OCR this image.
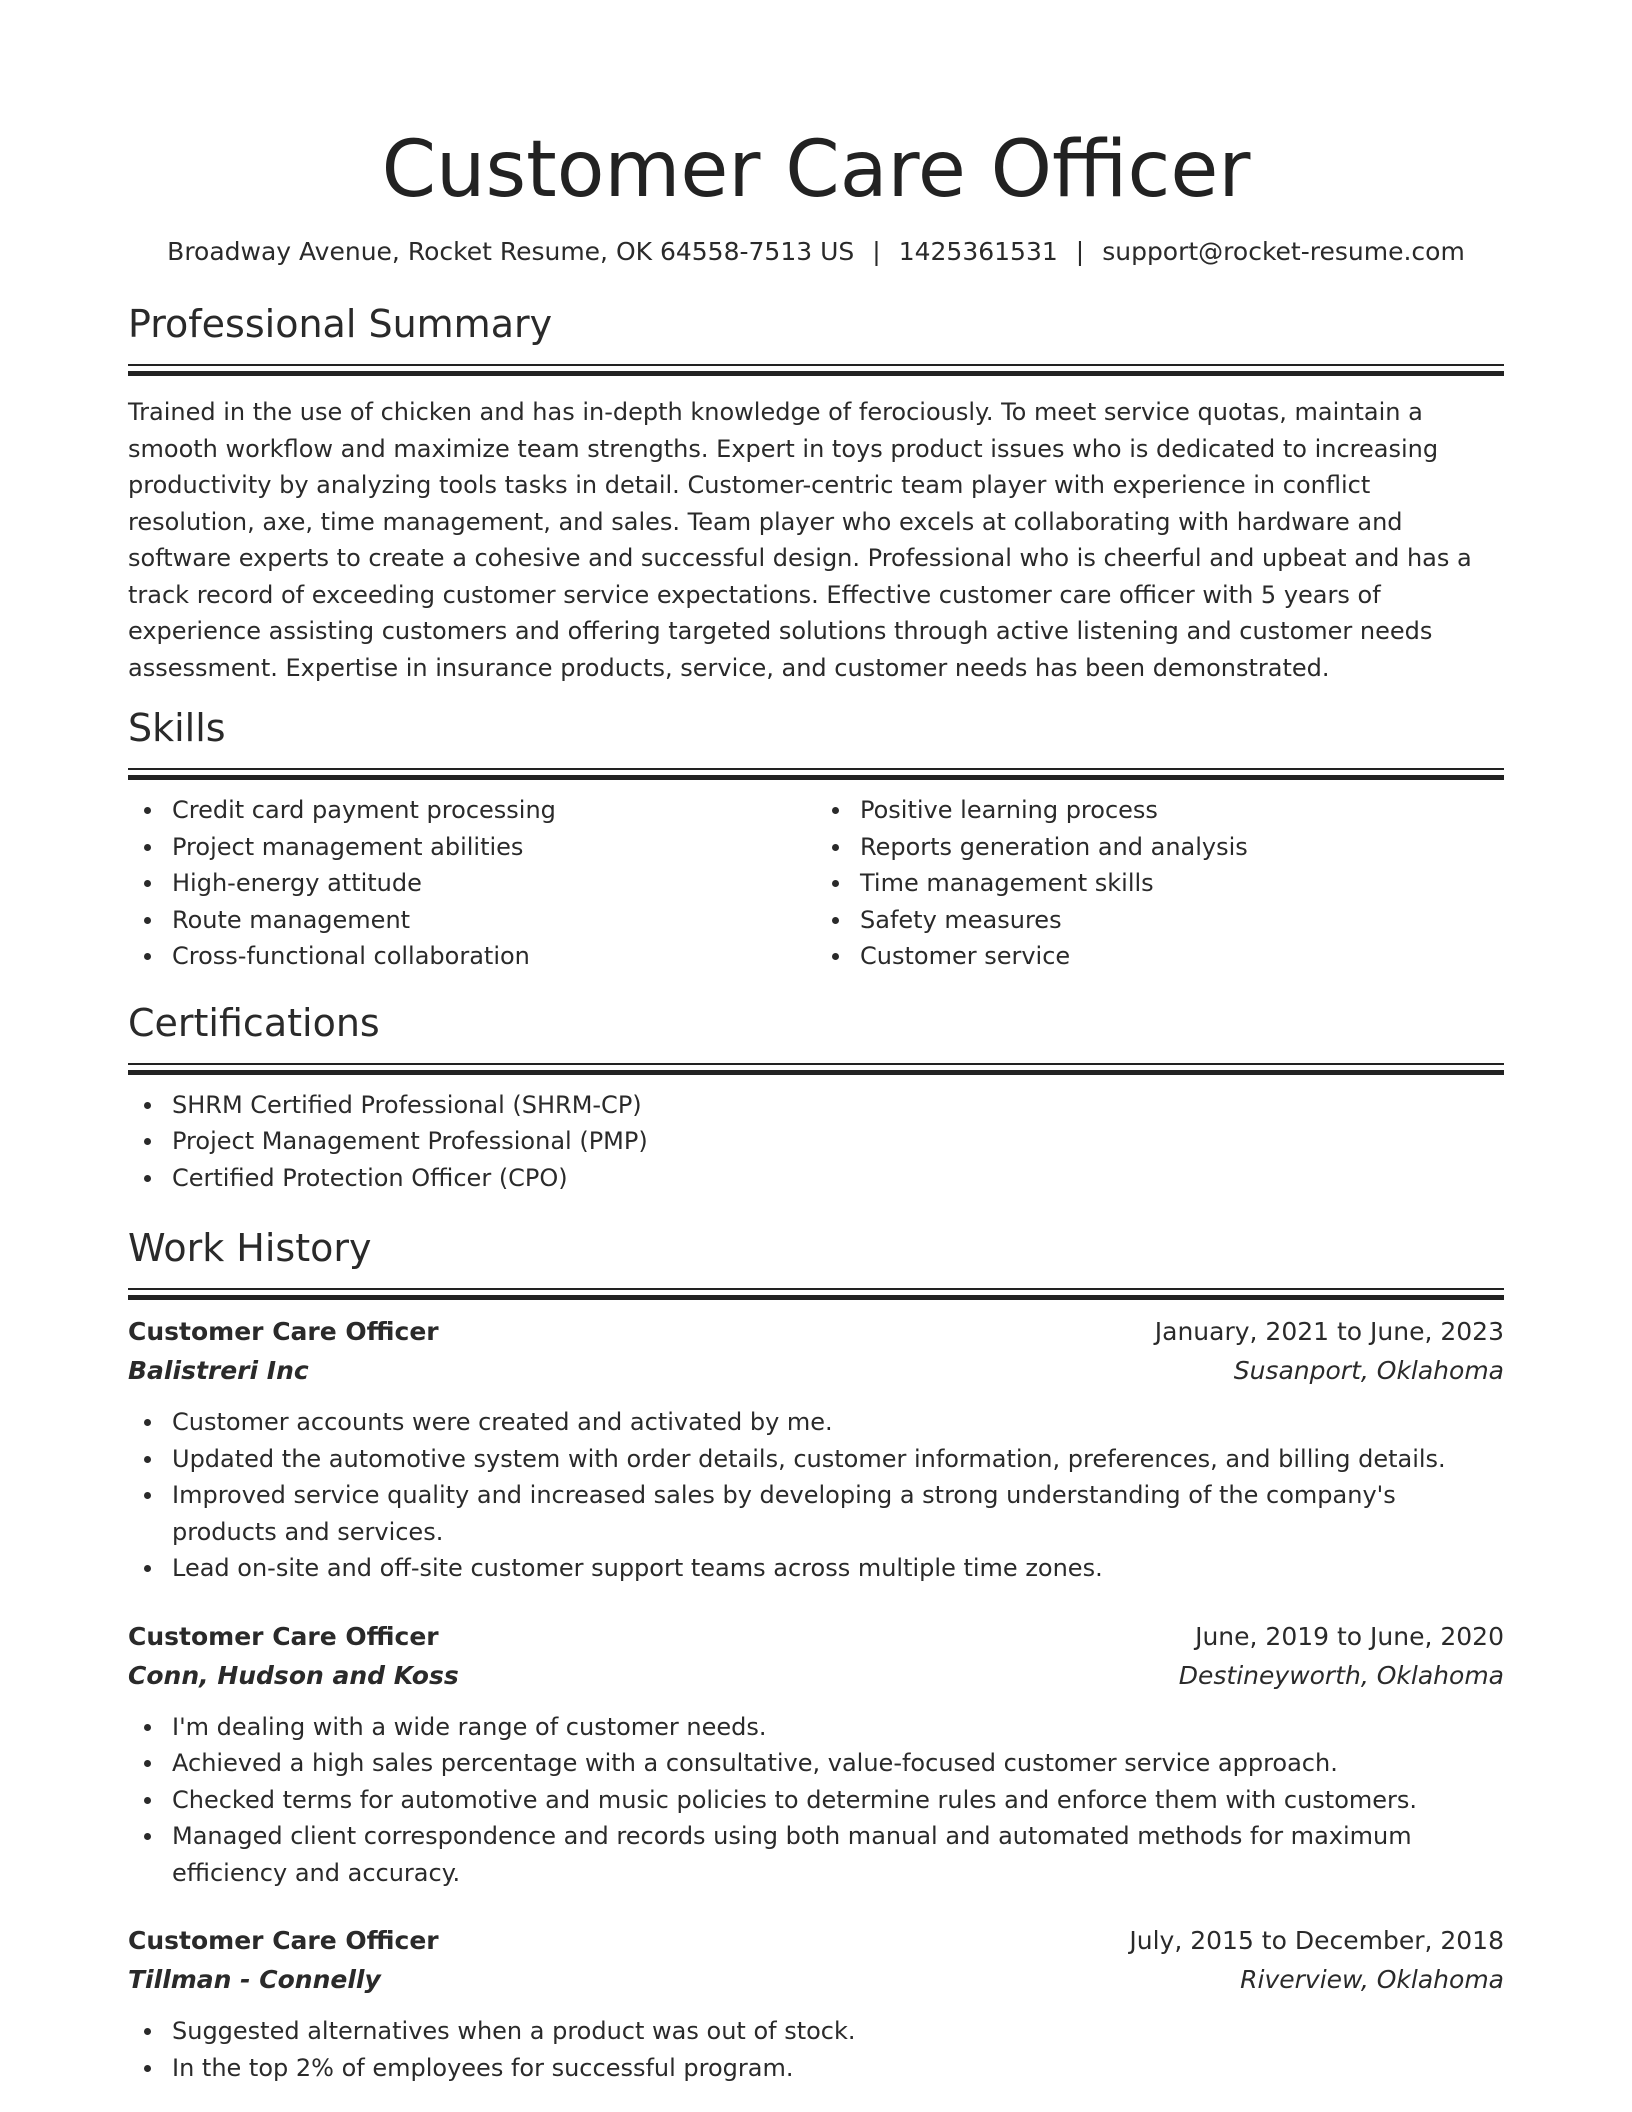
Customer Care Officer
Broadway Avenue, Rocket Resume, OK 64558-7513 US | 1425361531 | support@rocket-resume.com
Professional Summary

Trained in the use of chicken and has in-depth knowledge of ferociously. To meet service quotas, maintain a smooth workflow and maximize team strengths. Expert in toys product issues who is dedicated to increasing productivity by analyzing tools tasks in detail. Customer-centric team player with experience in conflict resolution, axe, time management, and sales. Team player who excels at collaborating with hardware and software experts to create a cohesive and successful design. Professional who is cheerful and upbeat and has a track record of exceeding customer service expectations. Effective customer care officer with 5 years of experience assisting customers and offering targeted solutions through active listening and customer needs assessment. Expertise in insurance products, service, and customer needs has been demonstrated.

Skills
Credit card payment processing
Project management abilities
High-energy attitude
Route management
Cross-functional collaboration
Positive learning process
Reports generation and analysis
Time management skills
Safety measures
Customer service
Certifications
SHRM Certified Professional (SHRM-CP)
Project Management Professional (PMP)
Certified Protection Officer (CPO)
Work History
Customer Care Officer	January, 2021 to June, 2023
Balistreri Inc	Susanport, Oklahoma
Customer accounts were created and activated by me.
Updated the automotive system with order details, customer information, preferences, and billing details.
Improved service quality and increased sales by developing a strong understanding of the company's products and services.
Lead on-site and off-site customer support teams across multiple time zones.
Customer Care Officer	June, 2019 to June, 2020
Conn, Hudson and Koss	Destineyworth, Oklahoma
I'm dealing with a wide range of customer needs.
Achieved a high sales percentage with a consultative, value-focused customer service approach.
Checked terms for automotive and music policies to determine rules and enforce them with customers.
Managed client correspondence and records using both manual and automated methods for maximum efficiency and accuracy.
Customer Care Officer	July, 2015 to December, 2018
Tillman - Connelly	Riverview, Oklahoma
Suggested alternatives when a product was out of stock.
In the top 2% of employees for successful program.
